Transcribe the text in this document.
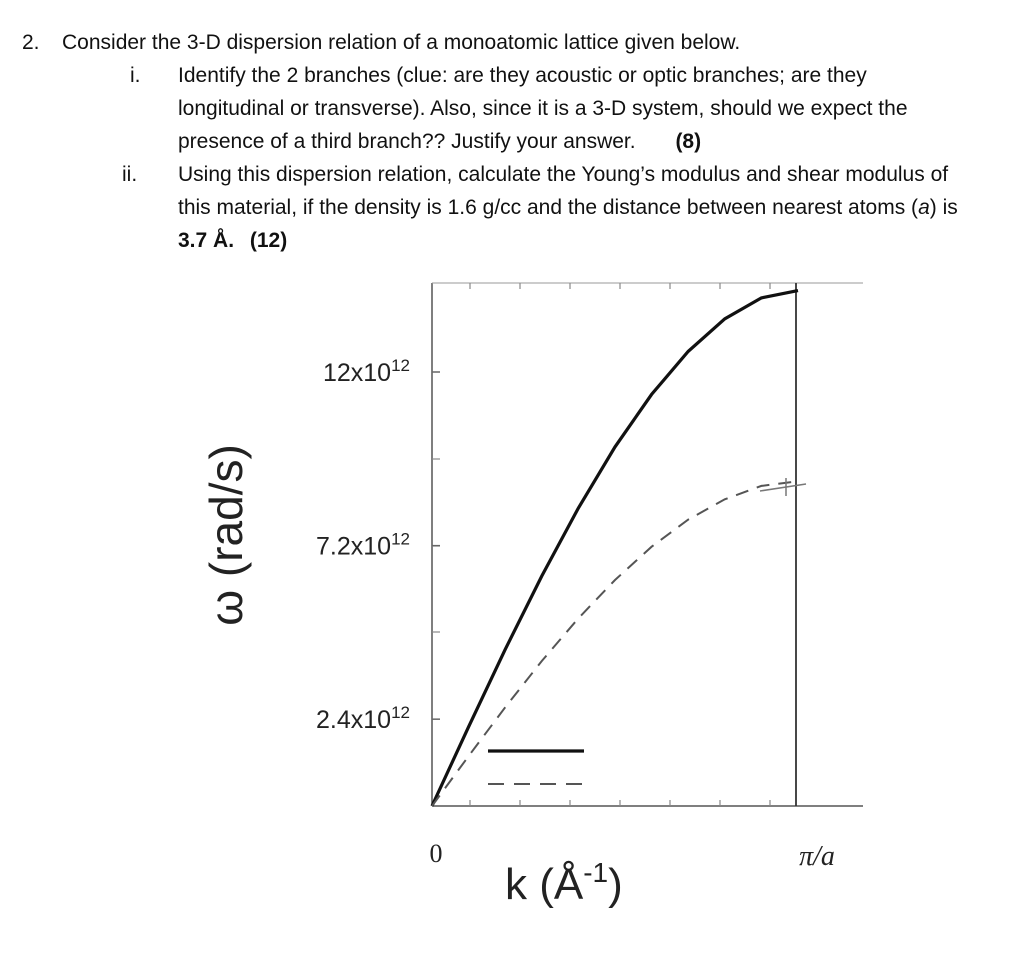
2. Consider the 3-D dispersion relation of a monoatomic lattice given below.
i. Identify the 2 branches (clue: are they acoustic or optic branches; are they
longitudinal or transverse). Also, since it is a 3-D system, should we expect the
presence of a third branch?? Justify your answer. (8)
ii. Using this dispersion relation, calculate the Young’s modulus and shear modulus of
this material, if the density is 1.6 g/cc and the distance between nearest atoms (a) is
3.7 Å. (12)
$12x10^{12}$
$7.2x10^{12}$
$2.4x10^{12}$
ω (rad/s)
k $(Å^{-1})$
0	π/a
